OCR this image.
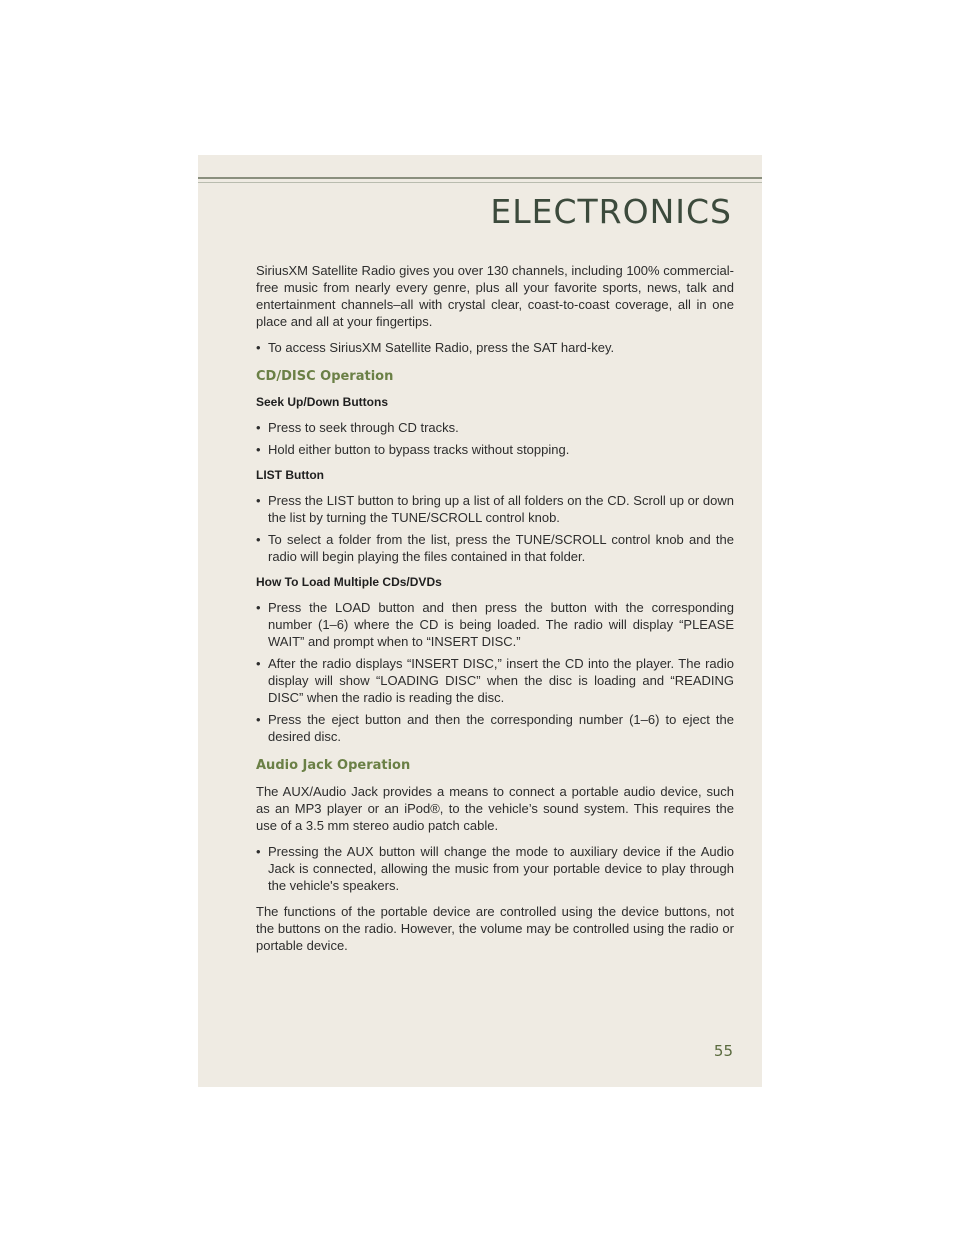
ELECTRONICS

SiriusXM Satellite Radio gives you over 130 channels, including 100% commercial-free music from nearly every genre, plus all your favorite sports, news, talk and entertainment channels–all with crystal clear, coast-to-coast coverage, all in one place and all at your fingertips.

• To access SiriusXM Satellite Radio, press the SAT hard-key.
CD/DISC Operation
Seek Up/Down Buttons
• Press to seek through CD tracks.
• Hold either button to bypass tracks without stopping.
LIST Button
• Press the LIST button to bring up a list of all folders on the CD. Scroll up or down the list by turning the TUNE/SCROLL control knob.
• To select a folder from the list, press the TUNE/SCROLL control knob and the radio will begin playing the files contained in that folder.
How To Load Multiple CDs/DVDs
• Press the LOAD button and then press the button with the corresponding number (1–6) where the CD is being loaded. The radio will display “PLEASE WAIT” and prompt when to “INSERT DISC.”
• After the radio displays “INSERT DISC,” insert the CD into the player. The radio display will show “LOADING DISC” when the disc is loading and “READING DISC” when the radio is reading the disc.
• Press the eject button and then the corresponding number (1–6) to eject the desired disc.
Audio Jack Operation

The AUX/Audio Jack provides a means to connect a portable audio device, such as an MP3 player or an iPod®, to the vehicle’s sound system. This requires the use of a 3.5 mm stereo audio patch cable.

• Pressing the AUX button will change the mode to auxiliary device if the Audio Jack is connected, allowing the music from your portable device to play through the vehicle's speakers.

The functions of the portable device are controlled using the device buttons, not the buttons on the radio. However, the volume may be controlled using the radio or portable device.

55
